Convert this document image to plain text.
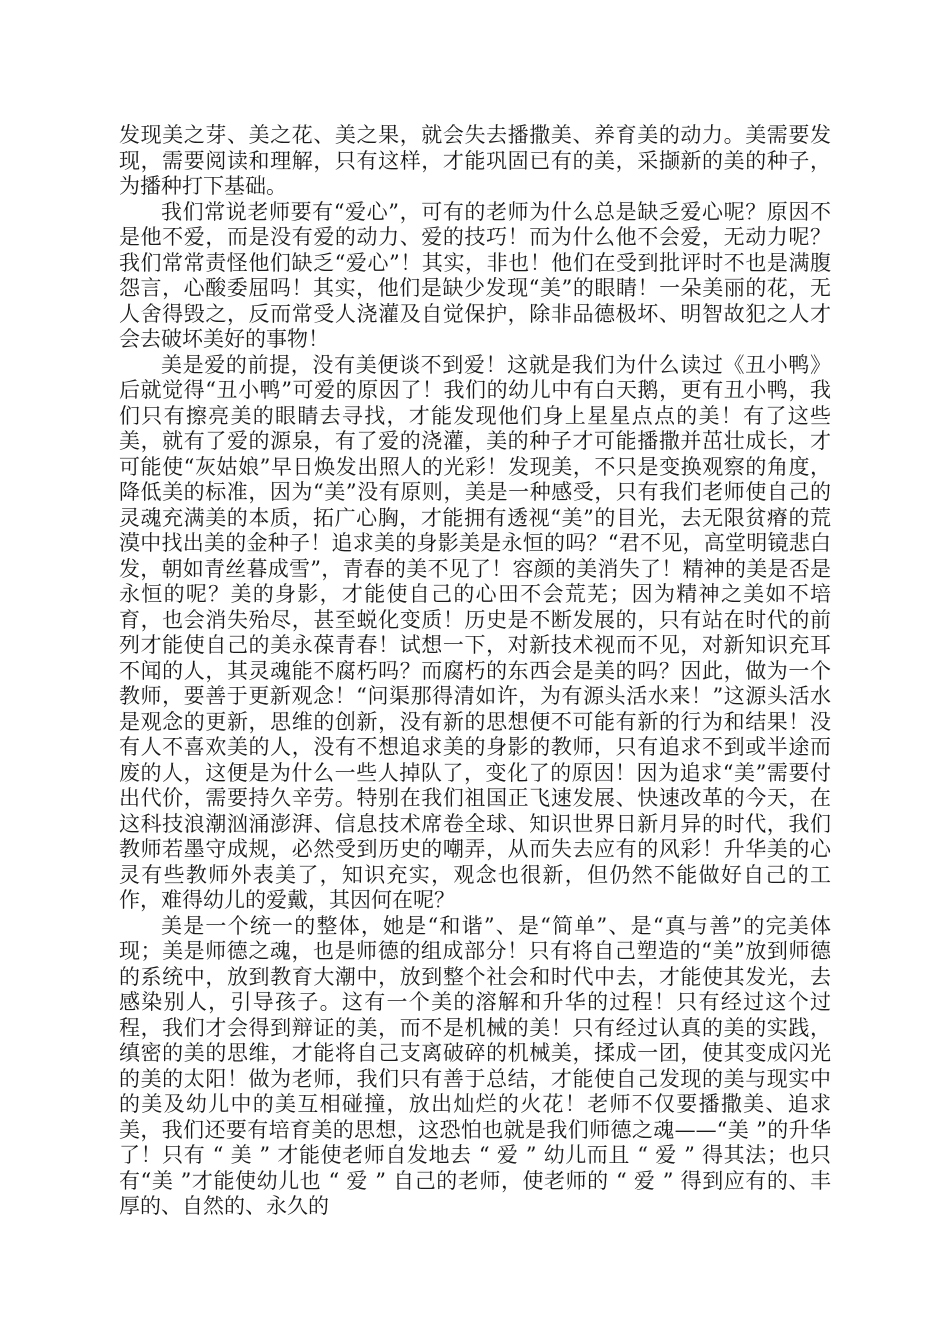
发现美之芽、美之花、美之果，就会失去播撒美、养育美的动力。美需要发现，需要阅读和理解，只有这样，才能巩固已有的美，采撷新的美的种子，为播种打下基础。

我们常说老师要有“爱心”，可有的老师为什么总是缺乏爱心呢？原因不是他不爱，而是没有爱的动力、爱的技巧！而为什么他不会爱，无动力呢？我们常常责怪他们缺乏“爱心”！其实，非也！他们在受到批评时不也是满腹怨言，心酸委屈吗！其实，他们是缺少发现“美”的眼睛！一朵美丽的花，无人舍得毁之，反而常受人浇灌及自觉保护，除非品德极坏、明智故犯之人才会去破坏美好的事物！

美是爱的前提，没有美便谈不到爱！这就是我们为什么读过《丑小鸭》后就觉得“丑小鸭”可爱的原因了！我们的幼儿中有白天鹅，更有丑小鸭，我们只有擦亮美的眼睛去寻找，才能发现他们身上星星点点的美！有了这些美，就有了爱的源泉，有了爱的浇灌，美的种子才可能播撒并茁壮成长，才可能使“灰姑娘”早日焕发出照人的光彩！发现美，不只是变换观察的角度，降低美的标准，因为“美”没有原则，美是一种感受，只有我们老师使自己的灵魂充满美的本质，拓广心胸，才能拥有透视“美”的目光，去无限贫瘠的荒漠中找出美的金种子！追求美的身影美是永恒的吗？“君不见，高堂明镜悲白发，朝如青丝暮成雪”，青春的美不见了！容颜的美消失了！精神的美是否是永恒的呢？美的身影，才能使自己的心田不会荒芜；因为精神之美如不培育，也会消失殆尽，甚至蜕化变质！历史是不断发展的，只有站在时代的前列才能使自己的美永葆青春！试想一下，对新技术视而不见，对新知识充耳不闻的人，其灵魂能不腐朽吗？而腐朽的东西会是美的吗？因此，做为一个教师，要善于更新观念！“问渠那得清如许，为有源头活水来！”这源头活水是观念的更新，思维的创新，没有新的思想便不可能有新的行为和结果！没有人不喜欢美的人，没有不想追求美的身影的教师，只有追求不到或半途而废的人，这便是为什么一些人掉队了，变化了的原因！因为追求“美”需要付出代价，需要持久辛劳。特别在我们祖国正飞速发展、快速改革的今天，在这科技浪潮汹涌澎湃、信息技术席卷全球、知识世界日新月异的时代，我们教师若墨守成规，必然受到历史的嘲弄，从而失去应有的风彩！升华美的心灵有些教师外表美了，知识充实，观念也很新，但仍然不能做好自己的工作，难得幼儿的爱戴，其因何在呢？

美是一个统一的整体，她是“和谐”、是“简单”、是“真与善”的完美体现；美是师德之魂，也是师德的组成部分！只有将自己塑造的“美”放到师德的系统中，放到教育大潮中，放到整个社会和时代中去，才能使其发光，去感染别人，引导孩子。这有一个美的溶解和升华的过程！只有经过这个过程，我们才会得到辩证的美，而不是机械的美！只有经过认真的美的实践，缜密的美的思维，才能将自己支离破碎的机械美，揉成一团，使其变成闪光的美的太阳！做为老师，我们只有善于总结，才能使自己发现的美与现实中的美及幼儿中的美互相碰撞，放出灿烂的火花！老师不仅要播撒美、追求美，我们还要有培育美的思想，这恐怕也就是我们师德之魂——“美 ”的升华了！只有 “ 美 ” 才能使老师自发地去 “ 爱 ” 幼儿而且 “ 爱 ” 得其法；也只有“美 ”才能使幼儿也 “ 爱 ” 自己的老师，使老师的 “ 爱 ” 得到应有的、丰厚的、自然的、永久的
